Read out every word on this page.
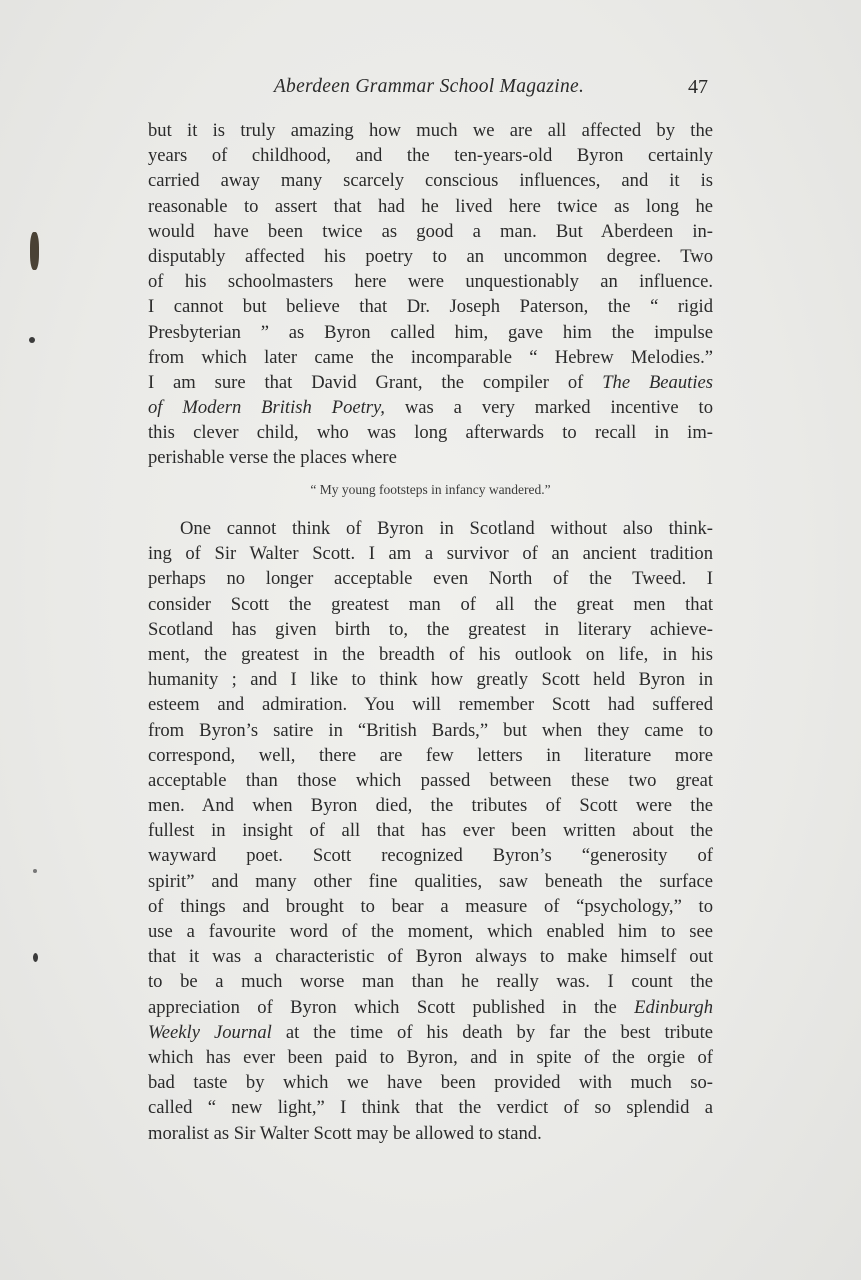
Aberdeen Grammar School Magazine.	47
but it is truly amazing how much we are all affected by the
years of childhood, and the ten-years-old Byron certainly
carried away many scarcely conscious influences, and it is
reasonable to assert that had he lived here twice as long he
would have been twice as good a man. But Aberdeen in-
disputably affected his poetry to an uncommon degree. Two
of his schoolmasters here were unquestionably an influence.
I cannot but believe that Dr. Joseph Paterson, the “ rigid
Presbyterian ” as Byron called him, gave him the impulse
from which later came the incomparable “ Hebrew Melodies.”
I am sure that David Grant, the compiler of The Beauties
of Modern British Poetry, was a very marked incentive to
this clever child, who was long afterwards to recall in im-
perishable verse the places where
“ My young footsteps in infancy wandered.”
One cannot think of Byron in Scotland without also think-
ing of Sir Walter Scott. I am a survivor of an ancient tradition
perhaps no longer acceptable even North of the Tweed. I
consider Scott the greatest man of all the great men that
Scotland has given birth to, the greatest in literary achieve-
ment, the greatest in the breadth of his outlook on life, in his
humanity ; and I like to think how greatly Scott held Byron in
esteem and admiration. You will remember Scott had suffered
from Byron’s satire in “British Bards,” but when they came to
correspond, well, there are few letters in literature more
acceptable than those which passed between these two great
men. And when Byron died, the tributes of Scott were the
fullest in insight of all that has ever been written about the
wayward poet. Scott recognized Byron’s “generosity of
spirit” and many other fine qualities, saw beneath the surface
of things and brought to bear a measure of “psychology,” to
use a favourite word of the moment, which enabled him to see
that it was a characteristic of Byron always to make himself out
to be a much worse man than he really was. I count the
appreciation of Byron which Scott published in the Edinburgh
Weekly Journal at the time of his death by far the best tribute
which has ever been paid to Byron, and in spite of the orgie of
bad taste by which we have been provided with much so-
called “ new light,” I think that the verdict of so splendid a
moralist as Sir Walter Scott may be allowed to stand.
